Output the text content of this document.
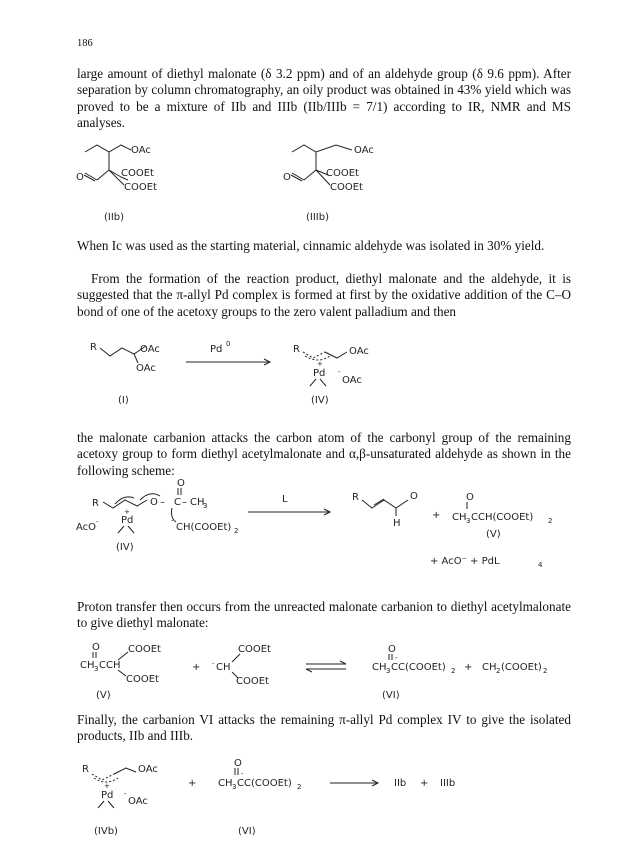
186

large amount of diethyl malonate (δ 3.2 ppm) and of an aldehyde group (δ 9.6 ppm). After separation by column chromatography, an oily product was obtained in 43% yield which was proved to be a mixture of IIb and IIIb (IIb/IIIb = 7/1) according to IR, NMR and MS analyses.

OAc
COOEt
O
COOEt
(IIb)
OAc
COOEt
O
COOEt
(IIIb)

When Ic was used as the starting material, cinnamic aldehyde was isolated in 30% yield.

From the formation of the reaction product, diethyl malonate and the aldehyde, it is suggested that the π-allyl Pd complex is formed at first by the oxidative addition of the C–O bond of one of the acetoxy groups to the zero valent palladium and then

R	OAc
OAc
(I)
Pd 0	R	OAc
+
Pd -
OAc
(IV)

the malonate carbanion attacks the carbon atom of the carbonyl group of the remaining acetoxy group to form diethyl acetylmalonate and α,β-unsaturated aldehyde as shown in the following scheme:

O
R	O – C – CH
3
+
Pd
AcO -	CH(COOEt) 2
-
(IV)
L	R	O
H
+
O
CH 3 CCH(COOEt) 2
(V)
+ AcO⁻ + PdL	4

Proton transfer then occurs from the unreacted malonate carbanion to diethyl acetylmalonate to give diethyl malonate:

O
CH 3 CCH
COOEt
COOEt
(V)
+ - CH
COOEt
COOEt
O
-
CH 3 CC(COOEt) 2 + CH 2 (COOEt) 2
(VI)

Finally, the carbanion VI attacks the remaining π-allyl Pd complex IV to give the isolated products, IIb and IIIb.

R	OAc
+
Pd -
OAc
(IVb)
+
O
-
CH 3 CC(COOEt) 2
(VI)
IIb + IIIb
